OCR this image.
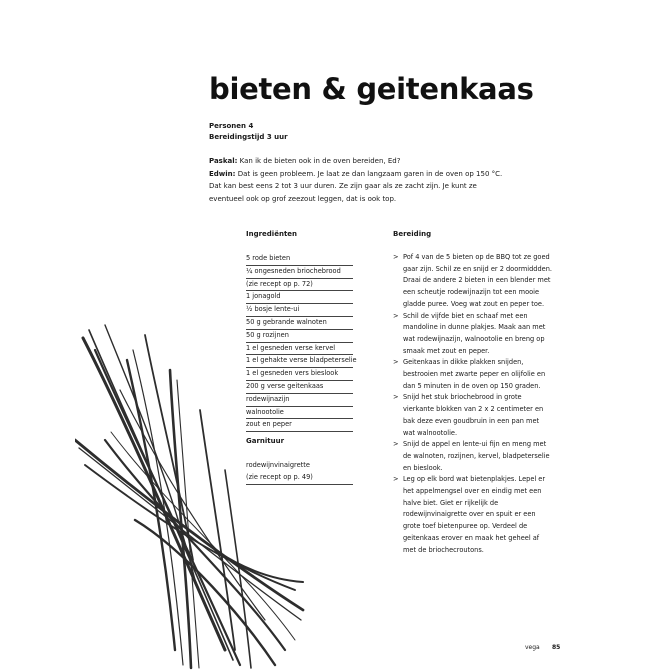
bieten & geitenkaas
Personen 4
Bereidingstijd 3 uur
Paskal: Kan ik de bieten ook in de oven bereiden, Ed?
Edwin: Dat is geen probleem. Je laat ze dan langzaam garen in de oven op 150 °C. Dat kan best eens 2 tot 3 uur duren. Ze zijn gaar als ze zacht zijn. Je kunt ze eventueel ook op grof zeezout leggen, dat is ook top.
Ingrediënten
5 rode bieten
¼ ongesneden briochebrood
(zie recept op p. 72)
1 jonagold
½ bosje lente-ui
50 g gebrande walnoten
50 g rozijnen
1 el gesneden verse kervel
1 el gehakte verse bladpeterselie
1 el gesneden vers bieslook
200 g verse geitenkaas
rodewijnazijn
walnootolie
zout en peper
Garnituur
rodewijnvinaigrette
(zie recept op p. 49)
Bereiding
> Pof 4 van de 5 bieten op de BBQ tot ze goed gaar zijn. Schil ze en snijd er 2 doormiddden. Draai de andere 2 bieten in een blender met een scheutje rodewijnazijn tot een mooie gladde puree. Voeg wat zout en peper toe.
> Schil de vijfde biet en schaaf met een mandoline in dunne plakjes. Maak aan met wat rodewijnazijn, walnootolie en breng op smaak met zout en peper.
> Geitenkaas in dikke plakken snijden, bestrooien met zwarte peper en olijfolie en dan 5 minuten in de oven op 150 graden.
> Snijd het stuk briochebrood in grote vierkante blokken van 2 x 2 centimeter en bak deze even goudbruin in een pan met wat walnootolie.
> Snijd de appel en lente-ui fijn en meng met de walnoten, rozijnen, kervel, bladpeterselie en bieslook.
> Leg op elk bord wat bietenplakjes. Lepel er het appelmengsel over en eindig met een halve biet. Giet er rijkelijk de rodewijnvinaigrette over en spuit er een grote toef bietenpuree op. Verdeel de geitenkaas erover en maak het geheel af met de briochecroutons.
vega 85
